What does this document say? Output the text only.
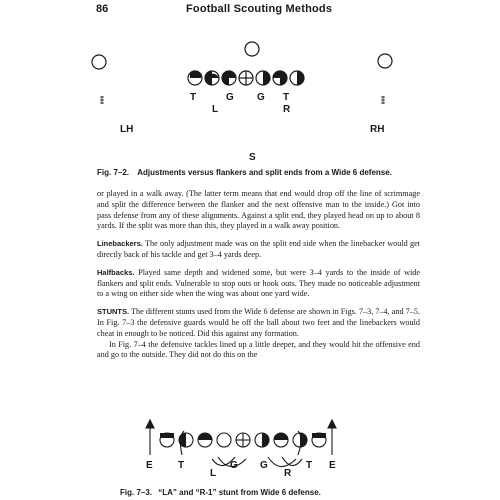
86	Football Scouting Methods
T	G G T
L	R
LH	RH
S
Fig. 7–2. Adjustments versus flankers and split ends from a Wide 6 defense.

or played in a walk away. (The latter term means that end would drop off the line of scrimmage and split the difference between the flanker and the next offensive man to the inside.) Got into pass defense from any of these alignments. Against a split end, they played head on up to about 8 yards. If the split was more than this, they played in a walk away position.

Linebackers. The only adjustment made was on the split end side when the linebacker would get directly back of his tackle and get 3–4 yards deep.

Halfbacks. Played same depth and widened some, but were 3–4 yards to the inside of wide flankers and split ends. Vulnerable to stop outs or hook outs. They made no noticeable adjustment to a wing on either side when the wing was about one yard wide.

STUNTS. The different stunts used from the Wide 6 defense are shown in Figs. 7–3, 7–4, and 7–5. In Fig. 7–3 the defensive guards would be off the ball about two feet and the linebackers would cheat in enough to be noticed. Did this against any formation.

In Fig. 7–4 the defensive tackles lined up a little deeper, and they would hit the offensive end and go to the outside. They did not do this on the

E	T
L
G G
R
T E
Fig. 7–3. “LA” and “R-1” stunt from Wide 6 defense.
